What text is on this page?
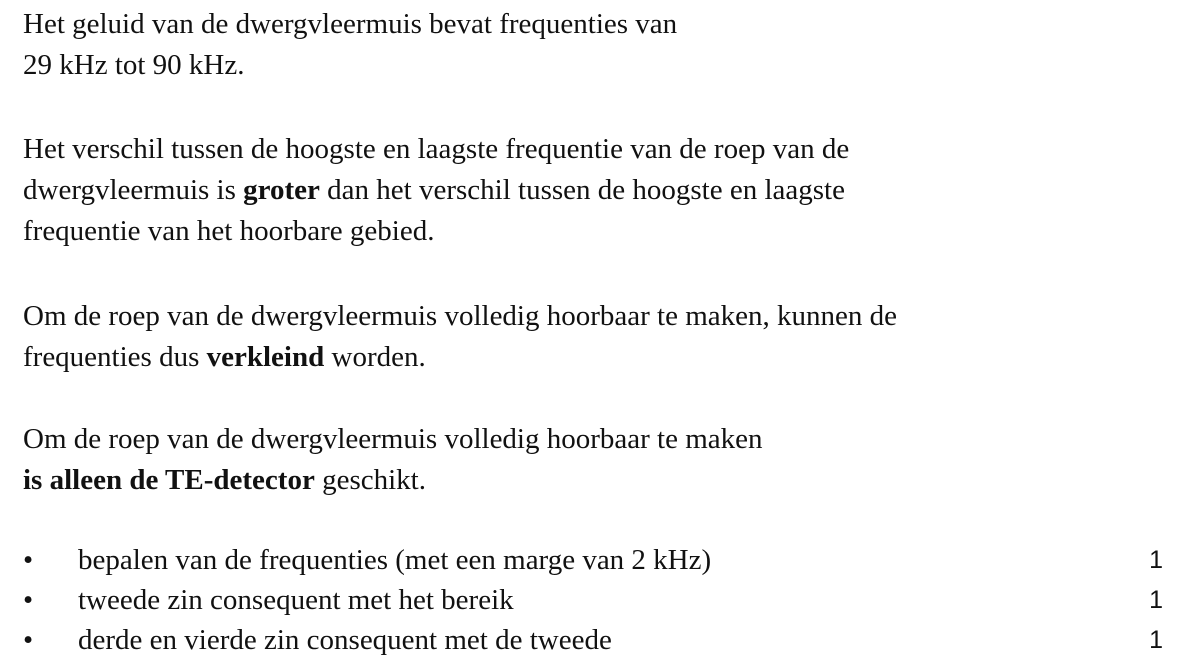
Het geluid van de dwergvleermuis bevat frequenties van
29 kHz tot 90 kHz.

Het verschil tussen de hoogste en laagste frequentie van de roep van de
dwergvleermuis is groter dan het verschil tussen de hoogste en laagste
frequentie van het hoorbare gebied.

Om de roep van de dwergvleermuis volledig hoorbaar te maken, kunnen de
frequenties dus verkleind worden.

Om de roep van de dwergvleermuis volledig hoorbaar te maken
is alleen de TE-detector geschikt.

•	bepalen van de frequenties (met een marge van 2 kHz)	1
•	tweede zin consequent met het bereik	1
•	derde en vierde zin consequent met de tweede	1
